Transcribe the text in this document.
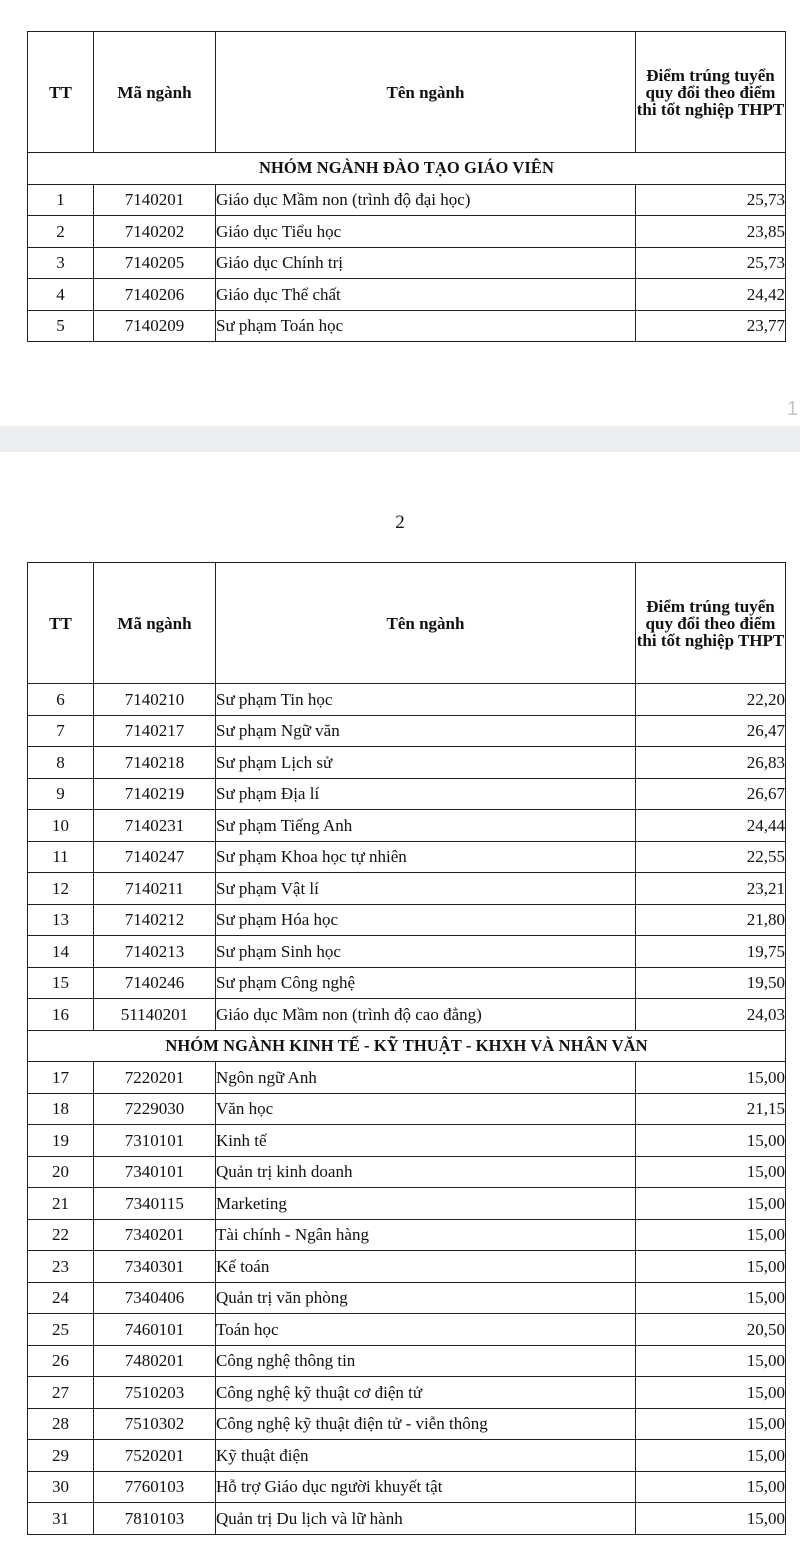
TT	Mã ngành	Tên ngành	Điểm trúng tuyển quy đổi theo điểm thi tốt nghiệp THPT
NHÓM NGÀNH ĐÀO TẠO GIÁO VIÊN			
1	7140201	Giáo dục Mầm non (trình độ đại học)	25,73
2	7140202	Giáo dục Tiểu học	23,85
3	7140205	Giáo dục Chính trị	25,73
4	7140206	Giáo dục Thể chất	24,42
5	7140209	Sư phạm Toán học	23,77
1
2
TT	Mã ngành	Tên ngành	Điểm trúng tuyển quy đổi theo điểm thi tốt nghiệp THPT
6	7140210	Sư phạm Tin học	22,20
7	7140217	Sư phạm Ngữ văn	26,47
8	7140218	Sư phạm Lịch sử	26,83
9	7140219	Sư phạm Địa lí	26,67
10	7140231	Sư phạm Tiếng Anh	24,44
11	7140247	Sư phạm Khoa học tự nhiên	22,55
12	7140211	Sư phạm Vật lí	23,21
13	7140212	Sư phạm Hóa học	21,80
14	7140213	Sư phạm Sinh học	19,75
15	7140246	Sư phạm Công nghệ	19,50
16	51140201	Giáo dục Mầm non (trình độ cao đẳng)	24,03
NHÓM NGÀNH KINH TẾ - KỸ THUẬT - KHXH VÀ NHÂN VĂN			
17	7220201	Ngôn ngữ Anh	15,00
18	7229030	Văn học	21,15
19	7310101	Kinh tế	15,00
20	7340101	Quản trị kinh doanh	15,00
21	7340115	Marketing	15,00
22	7340201	Tài chính - Ngân hàng	15,00
23	7340301	Kế toán	15,00
24	7340406	Quản trị văn phòng	15,00
25	7460101	Toán học	20,50
26	7480201	Công nghệ thông tin	15,00
27	7510203	Công nghệ kỹ thuật cơ điện tử	15,00
28	7510302	Công nghệ kỹ thuật điện tử - viễn thông	15,00
29	7520201	Kỹ thuật điện	15,00
30	7760103	Hỗ trợ Giáo dục người khuyết tật	15,00
31	7810103	Quản trị Du lịch và lữ hành	15,00
